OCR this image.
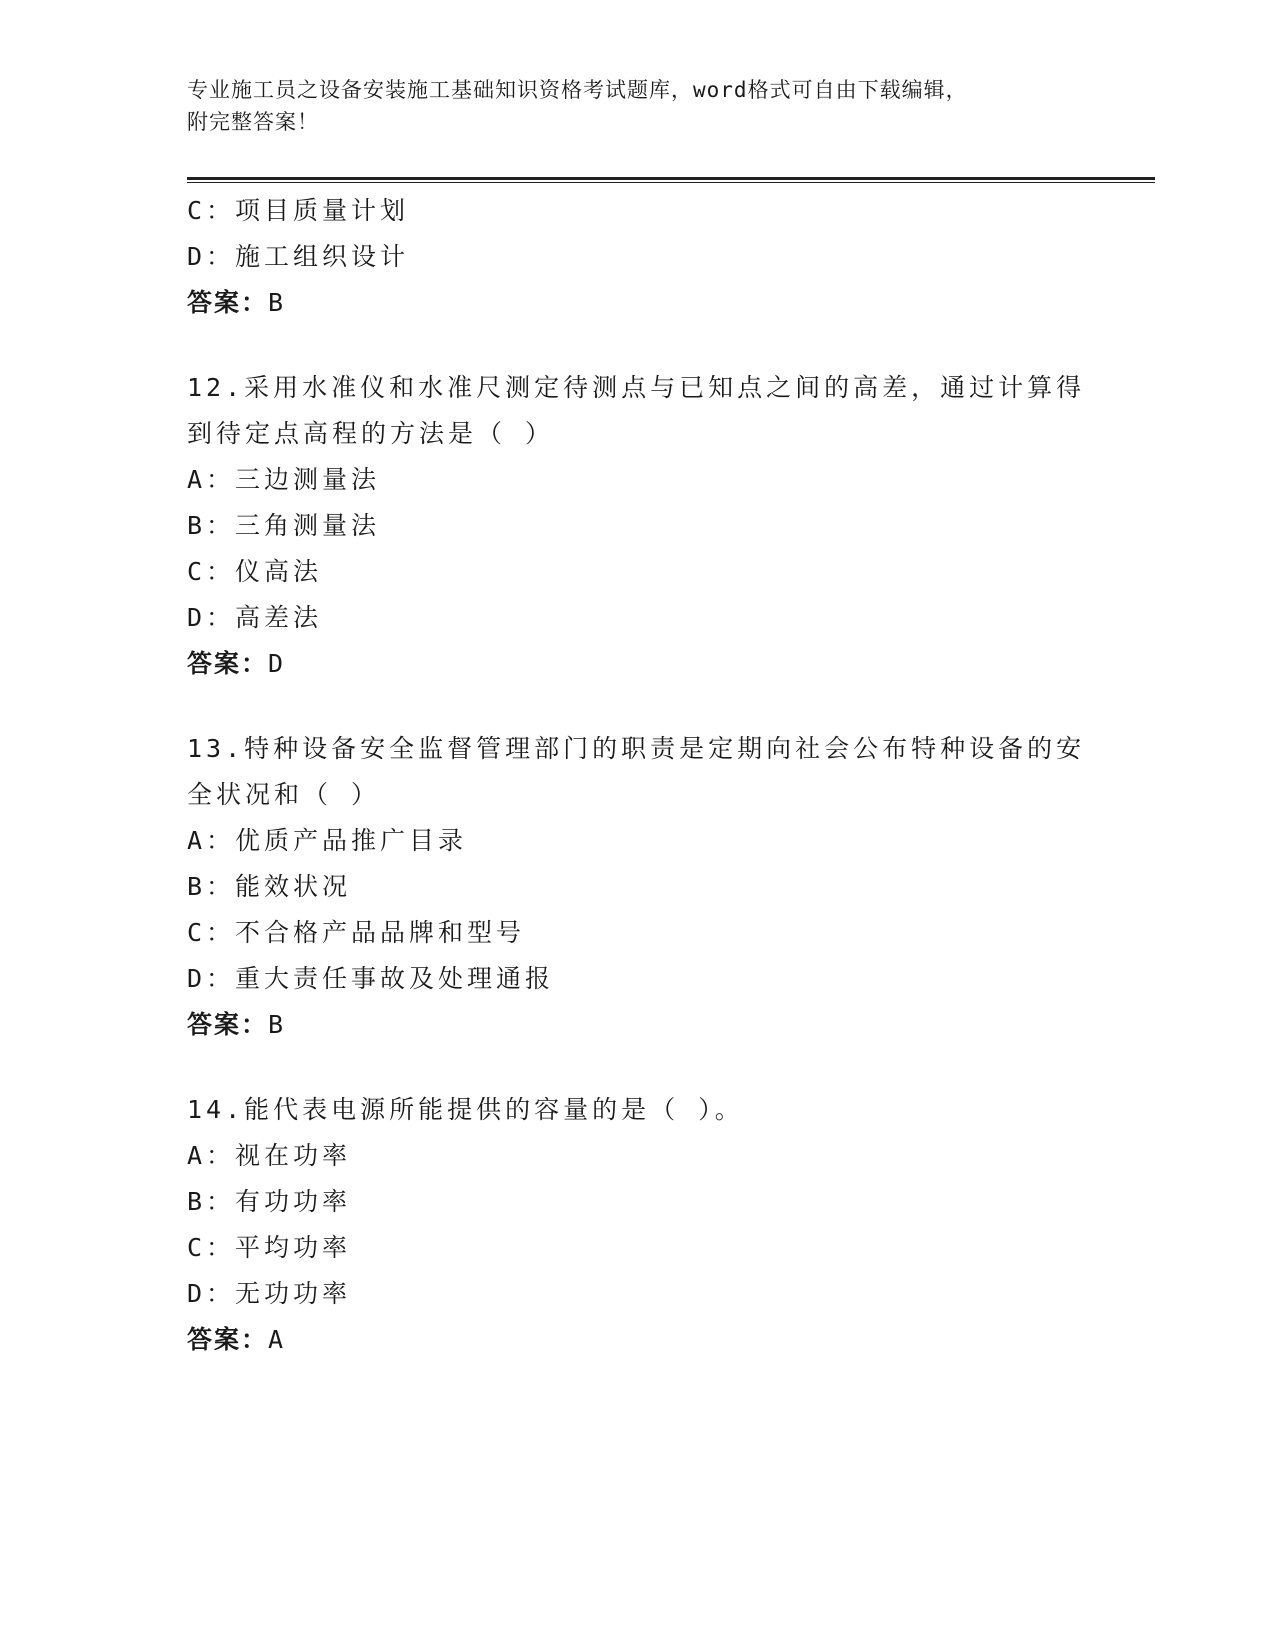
专业施工员之设备安装施工基础知识资格考试题库，word格式可自由下载编辑，
附完整答案！
C：项目质量计划
D：施工组织设计
答案：B
12.采用水准仪和水准尺测定待测点与已知点之间的高差，通过计算得
到待定点高程的方法是（ ）
A：三边测量法
B：三角测量法
C：仪高法
D：高差法
答案：D
13.特种设备安全监督管理部门的职责是定期向社会公布特种设备的安
全状况和（ ）
A：优质产品推广目录
B：能效状况
C：不合格产品品牌和型号
D：重大责任事故及处理通报
答案：B
14.能代表电源所能提供的容量的是（ ）。
A：视在功率
B：有功功率
C：平均功率
D：无功功率
答案：A
